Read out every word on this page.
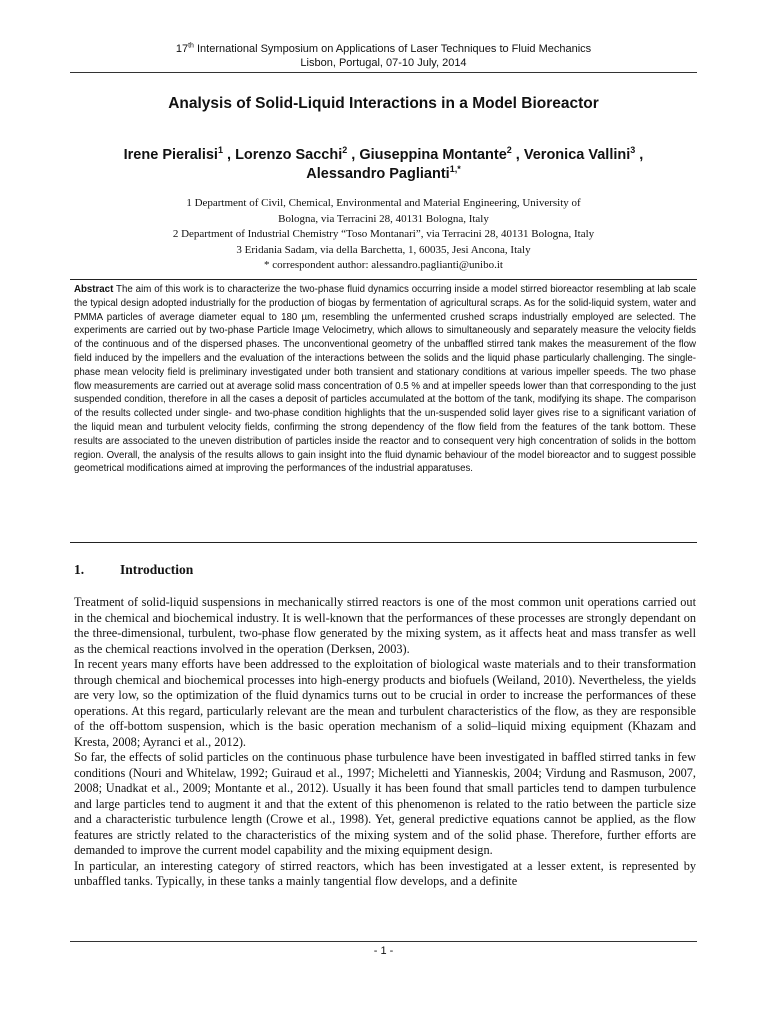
17th International Symposium on Applications of Laser Techniques to Fluid Mechanics
Lisbon, Portugal, 07-10 July, 2014
Analysis of Solid-Liquid Interactions in a Model Bioreactor
Irene Pieralisi$^1$ , Lorenzo Sacchi$^2$ , Giuseppina Montante$^2$ , Veronica Vallini$^3$ ,
Alessandro Paglianti$^{1,*}$
1 Department of Civil, Chemical, Environmental and Material Engineering, University of
Bologna, via Terracini 28, 40131 Bologna, Italy
2 Department of Industrial Chemistry “Toso Montanari”, via Terracini 28, 40131 Bologna, Italy
3 Eridania Sadam, via della Barchetta, 1, 60035, Jesi Ancona, Italy
* correspondent author: alessandro.paglianti@unibo.it
Abstract The aim of this work is to characterize the two-phase fluid dynamics occurring inside a model stirred bioreactor resembling at lab scale the typical design adopted industrially for the production of biogas by fermentation of agricultural scraps. As for the solid-liquid system, water and PMMA particles of average diameter equal to 180 µm, resembling the unfermented crushed scraps industrially employed are selected. The experiments are carried out by two-phase Particle Image Velocimetry, which allows to simultaneously and separately measure the velocity fields of the continuous and of the dispersed phases. The unconventional geometry of the unbaffled stirred tank makes the measurement of the flow field induced by the impellers and the evaluation of the interactions between the solids and the liquid phase particularly challenging. The single-phase mean velocity field is preliminary investigated under both transient and stationary conditions at various impeller speeds. The two phase flow measurements are carried out at average solid mass concentration of 0.5 % and at impeller speeds lower than that corresponding to the just suspended condition, therefore in all the cases a deposit of particles accumulated at the bottom of the tank, modifying its shape. The comparison of the results collected under single- and two-phase condition highlights that the un-suspended solid layer gives rise to a significant variation of the liquid mean and turbulent velocity fields, confirming the strong dependency of the flow field from the features of the tank bottom. These results are associated to the uneven distribution of particles inside the reactor and to consequent very high concentration of solids in the bottom region. Overall, the analysis of the results allows to gain insight into the fluid dynamic behaviour of the model bioreactor and to suggest possible geometrical modifications aimed at improving the performances of the industrial apparatuses.
1.	Introduction

Treatment of solid-liquid suspensions in mechanically stirred reactors is one of the most common unit operations carried out in the chemical and biochemical industry. It is well-known that the performances of these processes are strongly dependant on the three-dimensional, turbulent, two-phase flow generated by the mixing system, as it affects heat and mass transfer as well as the chemical reactions involved in the operation (Derksen, 2003).

In recent years many efforts have been addressed to the exploitation of biological waste materials and to their transformation through chemical and biochemical processes into high-energy products and biofuels (Weiland, 2010). Nevertheless, the yields are very low, so the optimization of the fluid dynamics turns out to be crucial in order to increase the performances of these operations. At this regard, particularly relevant are the mean and turbulent characteristics of the flow, as they are responsible of the off-bottom suspension, which is the basic operation mechanism of a solid–liquid mixing equipment (Khazam and Kresta, 2008; Ayranci et al., 2012).

So far, the effects of solid particles on the continuous phase turbulence have been investigated in baffled stirred tanks in few conditions (Nouri and Whitelaw, 1992; Guiraud et al., 1997; Micheletti and Yianneskis, 2004; Virdung and Rasmuson, 2007, 2008; Unadkat et al., 2009; Montante et al., 2012). Usually it has been found that small particles tend to dampen turbulence and large particles tend to augment it and that the extent of this phenomenon is related to the ratio between the particle size and a characteristic turbulence length (Crowe et al., 1998). Yet, general predictive equations cannot be applied, as the flow features are strictly related to the characteristics of the mixing system and of the solid phase. Therefore, further efforts are demanded to improve the current model capability and the mixing equipment design.

In particular, an interesting category of stirred reactors, which has been investigated at a lesser extent, is represented by unbaffled tanks. Typically, in these tanks a mainly tangential flow develops, and a definite

- 1 -
